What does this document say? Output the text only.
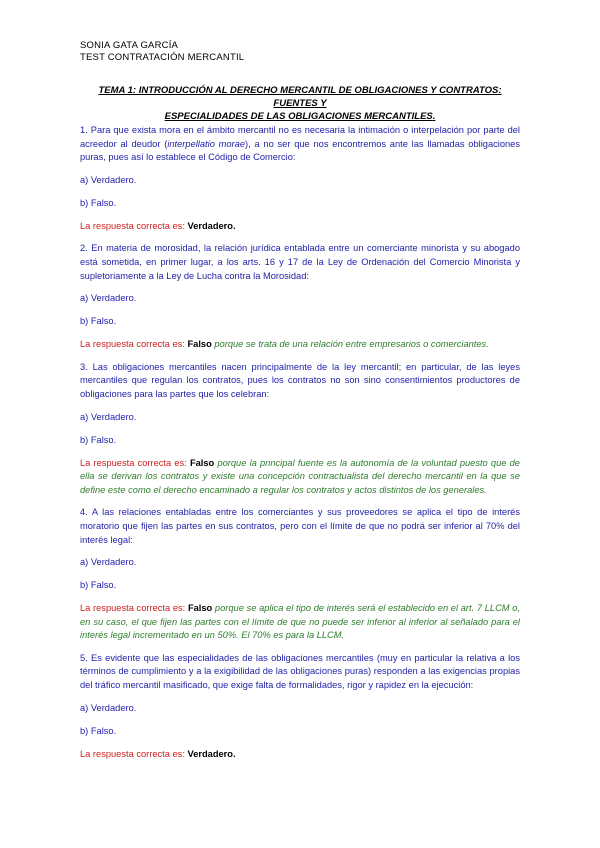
SONIA GATA GARCÍA
TEST CONTRATACIÓN MERCANTIL
TEMA 1: INTRODUCCIÓN AL DERECHO MERCANTIL DE OBLIGACIONES Y CONTRATOS: FUENTES Y
ESPECIALIDADES DE LAS OBLIGACIONES MERCANTILES.

1. Para que exista mora en el ámbito mercantil no es necesaria la intimación o interpelación por parte del acreedor al deudor (interpellatio morae), a no ser que nos encontremos ante las llamadas obligaciones puras, pues así lo establece el Código de Comercio:

a) Verdadero.

b) Falso.

La respuesta correcta es: Verdadero.

2. En materia de morosidad, la relación jurídica entablada entre un comerciante minorista y su abogado está sometida, en primer lugar, a los arts. 16 y 17 de la Ley de Ordenación del Comercio Minorista y supletoriamente a la Ley de Lucha contra la Morosidad:

a) Verdadero.

b) Falso.

La respuesta correcta es: Falso porque se trata de una relación entre empresarios o comerciantes.

3. Las obligaciones mercantiles nacen principalmente de la ley mercantil; en particular, de las leyes mercantiles que regulan los contratos, pues los contratos no son sino consentimientos productores de obligaciones para las partes que los celebran:

a) Verdadero.

b) Falso.

La respuesta correcta es: Falso porque la principal fuente es la autonomía de la voluntad puesto que de ella se derivan los contratos y existe una concepción contractualista del derecho mercantil en la que se define este como el derecho encaminado a regular los contratos y actos distintos de los generales.

4. A las relaciones entabladas entre los comerciantes y sus proveedores se aplica el tipo de interés moratorio que fijen las partes en sus contratos, pero con el límite de que no podrá ser inferior al 70% del interés legal:

a) Verdadero.

b) Falso.

La respuesta correcta es: Falso porque se aplica el tipo de interés será el establecido en el art. 7 LLCM o, en su caso, el que fijen las partes con el límite de que no puede ser inferior al inferior al señalado para el interés legal incrementado en un 50%. El 70% es para la LLCM.

5. Es evidente que las especialidades de las obligaciones mercantiles (muy en particular la relativa a los términos de cumplimiento y a la exigibilidad de las obligaciones puras) responden a las exigencias propias del tráfico mercantil masificado, que exige falta de formalidades, rigor y rapidez en la ejecución:

a) Verdadero.

b) Falso.

La respuesta correcta es: Verdadero.
